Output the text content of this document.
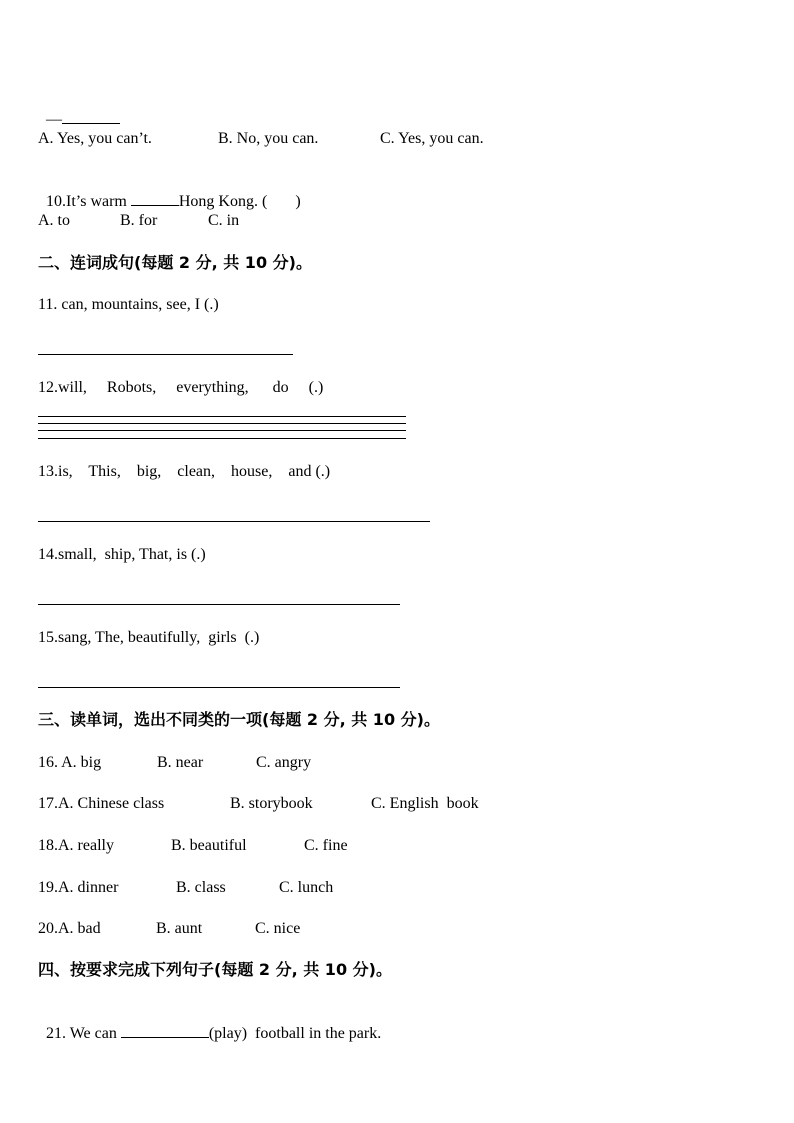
—

A. Yes, you can’t.

	B. No, you can.

	C. Yes, you can.

10.It’s warm	Hong Kong. ( )

A. to

	B. for

	C. in

二、连词成句(每题 2 分, 共 10 分)。
11. can, mountains, see, I (.)
12.will,     Robots,     everything,      do     (.)
13.is,    This,    big,    clean,    house,    and (.)
14.small,  ship, That, is (.)
15.sang, The, beautifully,  girls  (.)
三、读单词，选出不同类的一项(每题 2 分, 共 10 分)。

16. A. big

	B. near

	C. angry

17.A. Chinese class

	B. storybook

	C. English  book

18.A. really

	B. beautiful

	C. fine

19.A. dinner

	B. class

	C. lunch

20.A. bad

	B. aunt

	C. nice

四、按要求完成下列句子(每题 2 分, 共 10 分)。

21. We can	(play)  football in the park.
